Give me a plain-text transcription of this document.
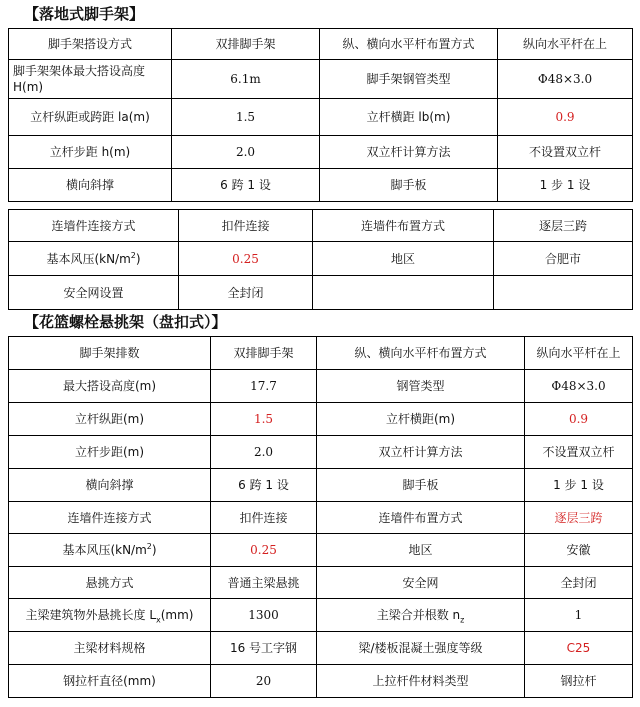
【落地式脚手架】
脚手架搭设方式	双排脚手架	纵、横向水平杆布置方式	纵向水平杆在上
脚手架架体最大搭设高度H(m)	6.1m	脚手架钢管类型	Φ48×3.0
立杆纵距或跨距 la(m)	1.5	立杆横距 lb(m)	0.9
立杆步距 h(m)	2.0	双立杆计算方法	不设置双立杆
横向斜撑	6 跨 1 设	脚手板	1 步 1 设
连墙件连接方式	扣件连接	连墙件布置方式	逐层三跨
基本风压$(kN/m^2)$	0.25	地区	合肥市
安全网设置	全封闭		
【花篮螺栓悬挑架（盘扣式）】
脚手架排数	双排脚手架	纵、横向水平杆布置方式	纵向水平杆在上
最大搭设高度(m)	17.7	钢管类型	Φ48×3.0
立杆纵距(m)	1.5	立杆横距(m)	0.9
立杆步距(m)	2.0	双立杆计算方法	不设置双立杆
横向斜撑	6 跨 1 设	脚手板	1 步 1 设
连墙件连接方式	扣件连接	连墙件布置方式	逐层三跨
基本风压$(kN/m^2)$	0.25	地区	安徽
悬挑方式	普通主梁悬挑	安全网	全封闭
主梁建筑物外悬挑长度 $L_x(mm)$	1300	主梁合并根数 $n_z$	1
主梁材料规格	16 号工字钢	梁/楼板混凝土强度等级	C25
钢拉杆直径(mm)	20	上拉杆件材料类型	钢拉杆
